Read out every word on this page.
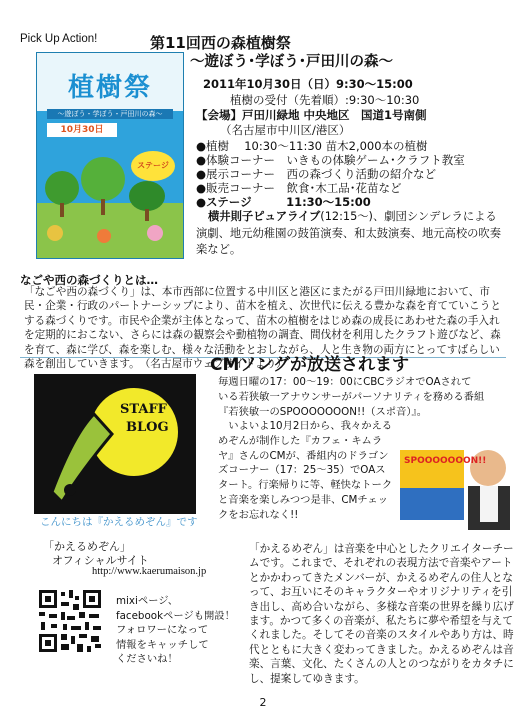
Pick Up Action!
植樹祭
〜遊ぼう・学ぼう・戸田川の森〜
10月30日
ステージ
第11回西の森植樹祭
〜遊ぼう･学ぼう･戸田川の森〜
2011年10月30日（日）9:30〜15:00
植樹の受付（先着順）:9:30〜10:30
【会場】戸田川緑地 中央地区　国道1号南側
（名古屋市中川区/港区）
●植樹　 10:30〜11:30 苗木2,000本の植樹
●体験コーナー　いきもの体験ゲーム･クラフト教室
●展示コーナー　西の森づくり活動の紹介など
●販売コーナー　飲食･木工品･花苗など
●ステージ　　　11:30〜15:00
横井則子ピュアライブ(12:15〜)、劇団シンデレラによる演劇、地元幼稚園の鼓笛演奏、和太鼓演奏、地元高校の吹奏楽など。
なごや西の森づくりとは…
「なごや西の森づくり」は、本市西部に位置する中川区と港区にまたがる戸田川緑地において、市民・企業・行政のパートナーシップにより、苗木を植え、次世代に伝える豊かな森を育てていこうとする森づくりです。市民や企業が主体となって、苗木の植樹をはじめ森の成長にあわせた森の手入れを定期的におこない、さらには森の観察会や動植物の調査、間伐材を利用したクラフト遊びなど、森を育て、森に学び、森を楽しむ、様々な活動をとおしながら、人と生き物の両方にとってすばらしい森を創出していきます。　（名古屋市ウェブサイトより）
STAFF
BLOG
こんにちは『かえるめぞん』です
CMソングが放送されます
毎週日曜の17：00〜19：00にCBCラジオでOAされて
いる若狭敏一アナウンサーがパーソナリティを務める番組
『若狭敏一のSPOOOOOOON!!（スポ音）』。
　いよいよ10月2日から、我々かえるめぞんが制作した『カフェ・キムラヤ』さんのCMが、番組内のドラゴンズコーナー（17：25〜35）でOAスタート。行楽帰りに等、軽快なトークと音楽を楽しみつつ是非、CMチェックをお忘れなく!!
SPOOOOOOON!!
「かえるめぞん」
オフィシャルサイト
http://www.kaerumaison.jp
mixiページ、
facebookページも開設！
フォロワーになって
情報をキャッチして
くださいね！
「かえるめぞん」は音楽を中心としたクリエイターチームです。これまで、それぞれの表現方法で音楽やアートとかかわってきたメンバーが、かえるめぞんの住人となって、お互いにそのキャラクターやオリジナリティを引き出し、高め合いながら、多様な音楽の世界を繰り広げます。かつて多くの音楽が、私たちに夢や希望を与えてくれました。そしてその音楽のスタイルやあり方は、時代とともに大きく変わってきました。かえるめぞんは音楽、言葉、文化、たくさんの人とのつながりをカタチにし、提案してゆきます。
2
